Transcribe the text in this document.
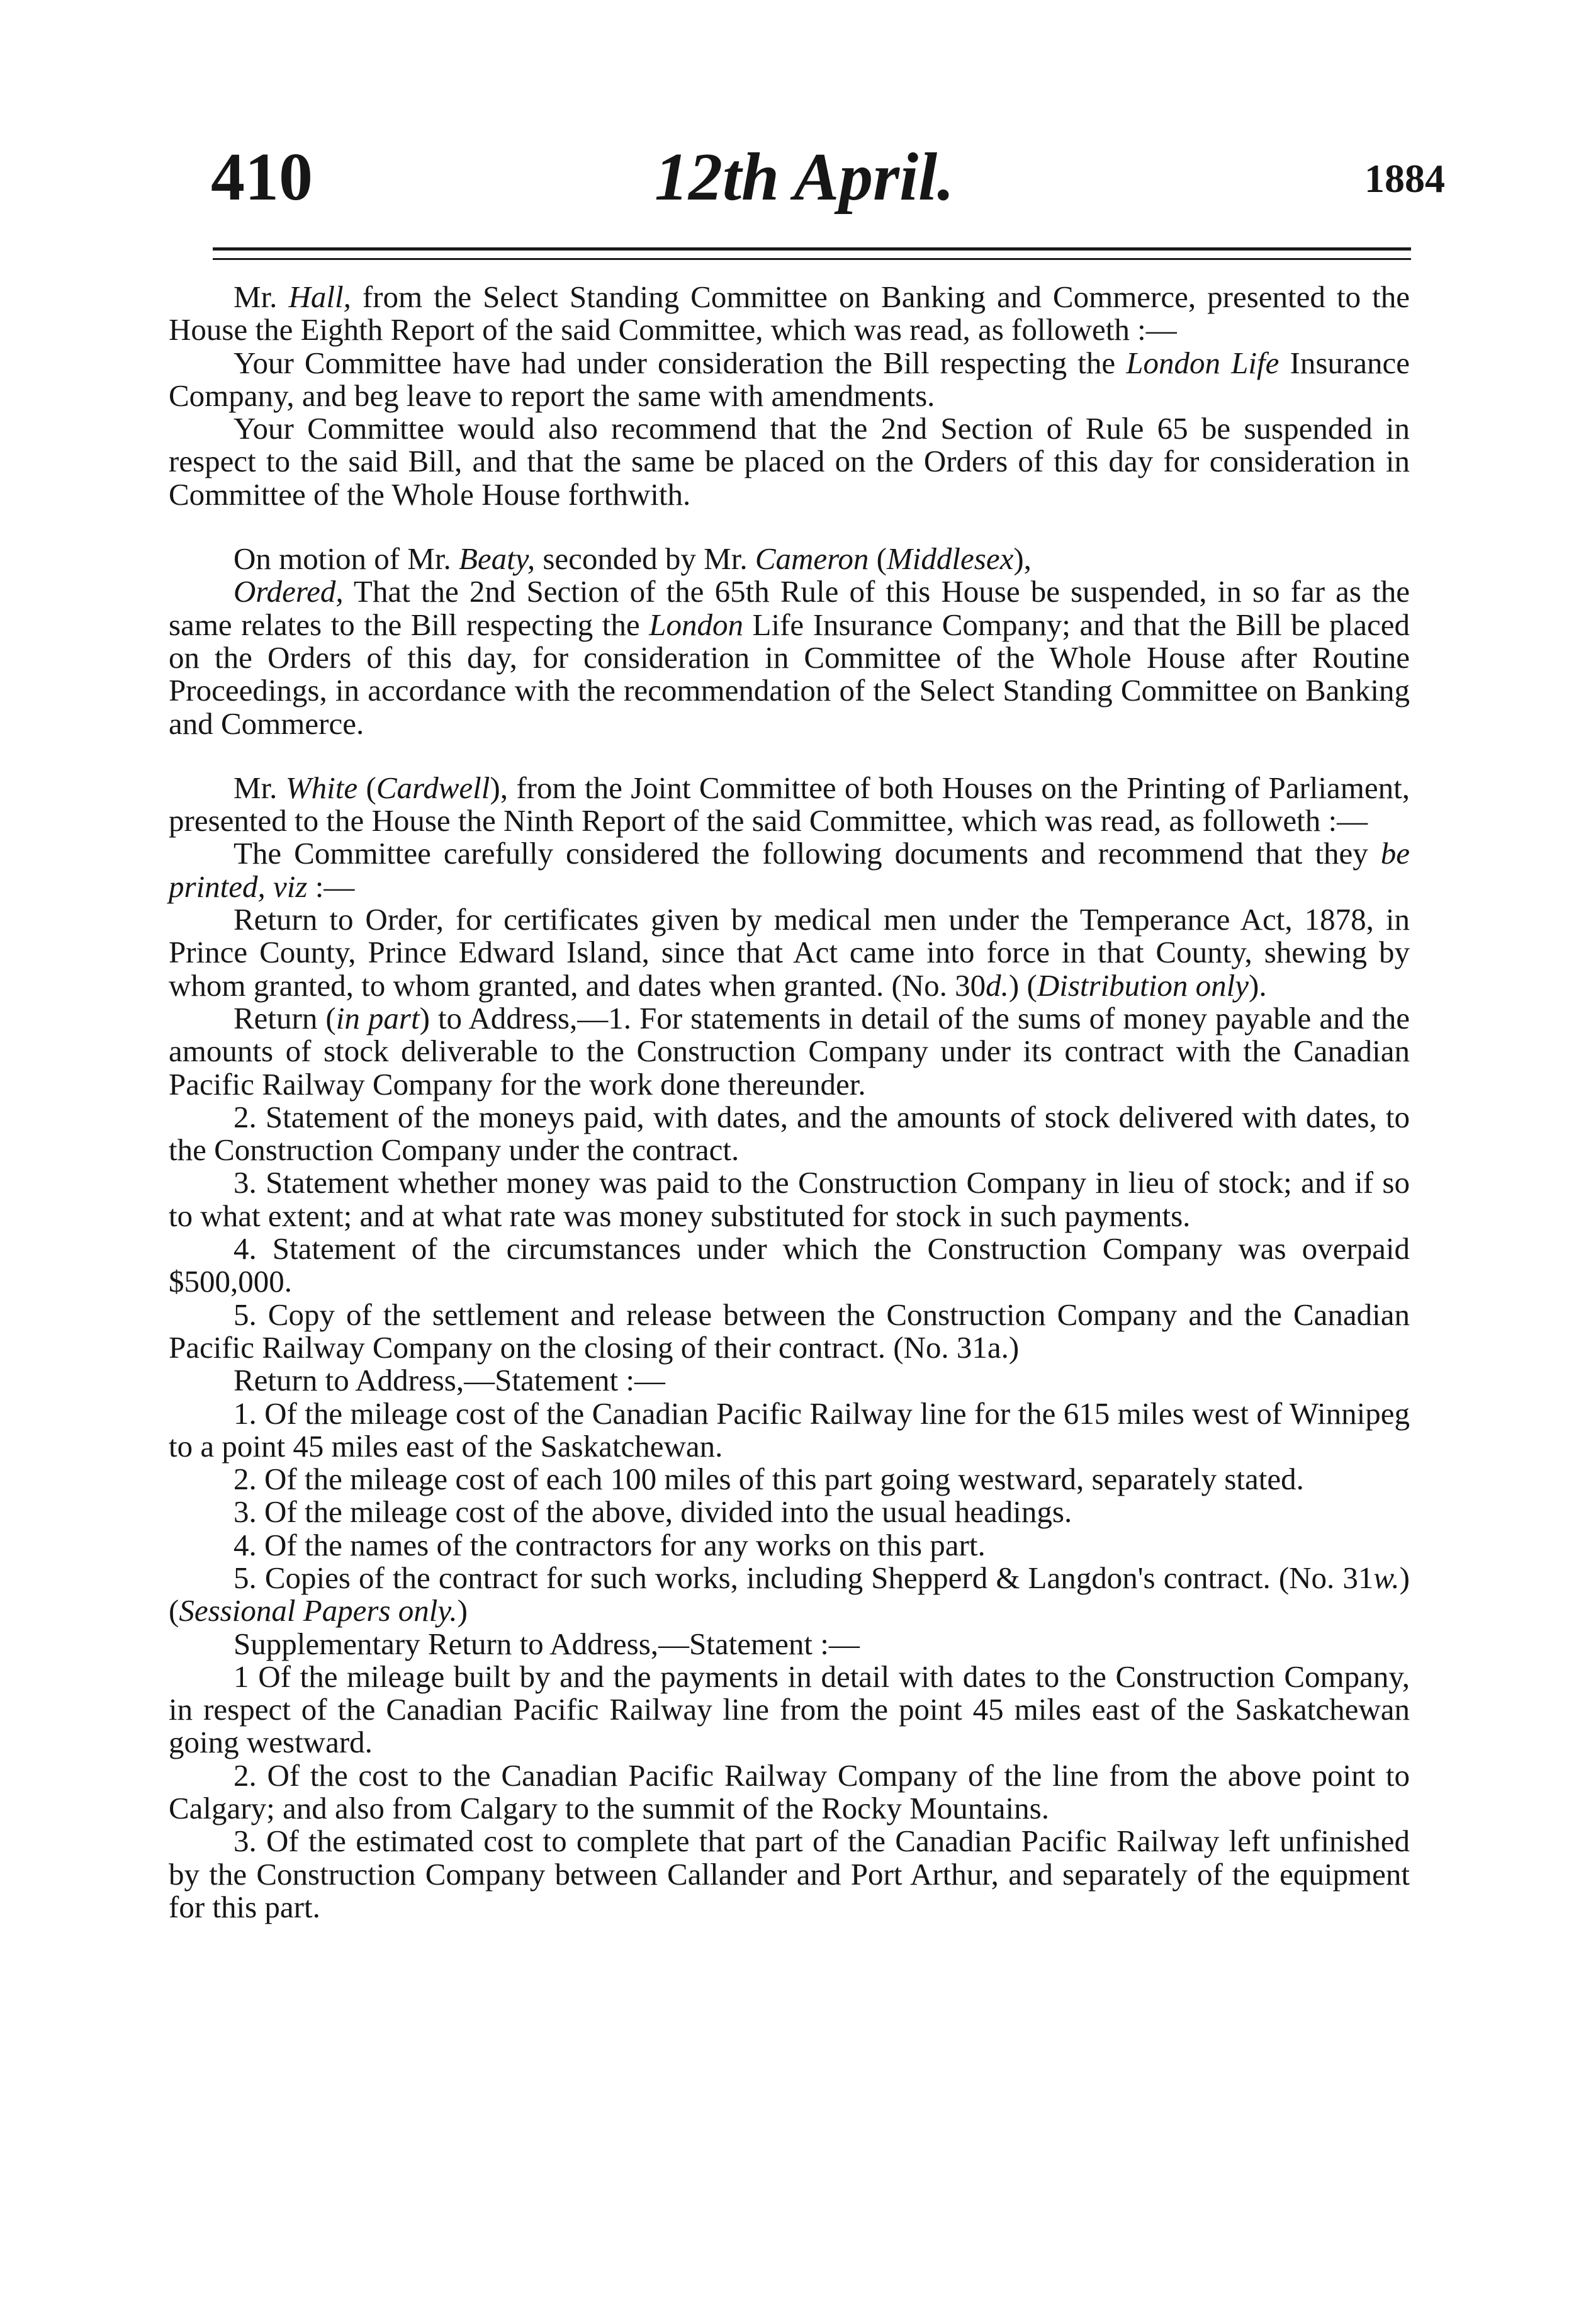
410	12th April.	1884

Mr. Hall, from the Select Standing Committee on Banking and Commerce, presented to the House the Eighth Report of the said Committee, which was read, as followeth :—

Your Committee have had under consideration the Bill respecting the London Life Insurance Company, and beg leave to report the same with amendments.

Your Committee would also recommend that the 2nd Section of Rule 65 be suspended in respect to the said Bill, and that the same be placed on the Orders of this day for consideration in Committee of the Whole House forthwith.

On motion of Mr. Beaty, seconded by Mr. Cameron (Middlesex),

Ordered, That the 2nd Section of the 65th Rule of this House be suspended, in so far as the same relates to the Bill respecting the London Life Insurance Company; and that the Bill be placed on the Orders of this day, for consideration in Committee of the Whole House after Routine Proceedings, in accordance with the recommendation of the Select Standing Committee on Banking and Commerce.

Mr. White (Cardwell), from the Joint Committee of both Houses on the Printing of Parliament, presented to the House the Ninth Report of the said Committee, which was read, as followeth :—

The Committee carefully considered the following documents and recommend that they be printed, viz :—

Return to Order, for certificates given by medical men under the Temperance Act, 1878, in Prince County, Prince Edward Island, since that Act came into force in that County, shewing by whom granted, to whom granted, and dates when granted. (No. 30d.) (Distribution only).

Return (in part) to Address,—1. For statements in detail of the sums of money payable and the amounts of stock deliverable to the Construction Company under its contract with the Canadian Pacific Railway Company for the work done thereunder.

2. Statement of the moneys paid, with dates, and the amounts of stock delivered with dates, to the Construction Company under the contract.

3. Statement whether money was paid to the Construction Company in lieu of stock; and if so to what extent; and at what rate was money substituted for stock in such payments.

4. Statement of the circumstances under which the Construction Company was overpaid $500,000.

5. Copy of the settlement and release between the Construction Company and the Canadian Pacific Railway Company on the closing of their contract. (No. 31a.)

Return to Address,—Statement :—

1. Of the mileage cost of the Canadian Pacific Railway line for the 615 miles west of Winnipeg to a point 45 miles east of the Saskatchewan.

2. Of the mileage cost of each 100 miles of this part going westward, separately stated.

3. Of the mileage cost of the above, divided into the usual headings.

4. Of the names of the contractors for any works on this part.

5. Copies of the contract for such works, including Shepperd & Langdon's contract. (No. 31w.) (Sessional Papers only.)

Supplementary Return to Address,—Statement :—

1 Of the mileage built by and the payments in detail with dates to the Construction Company, in respect of the Canadian Pacific Railway line from the point 45 miles east of the Saskatchewan going westward.

2. Of the cost to the Canadian Pacific Railway Company of the line from the above point to Calgary; and also from Calgary to the summit of the Rocky Mountains.

3. Of the estimated cost to complete that part of the Canadian Pacific Railway left unfinished by the Construction Company between Callander and Port Arthur, and separately of the equipment for this part.
